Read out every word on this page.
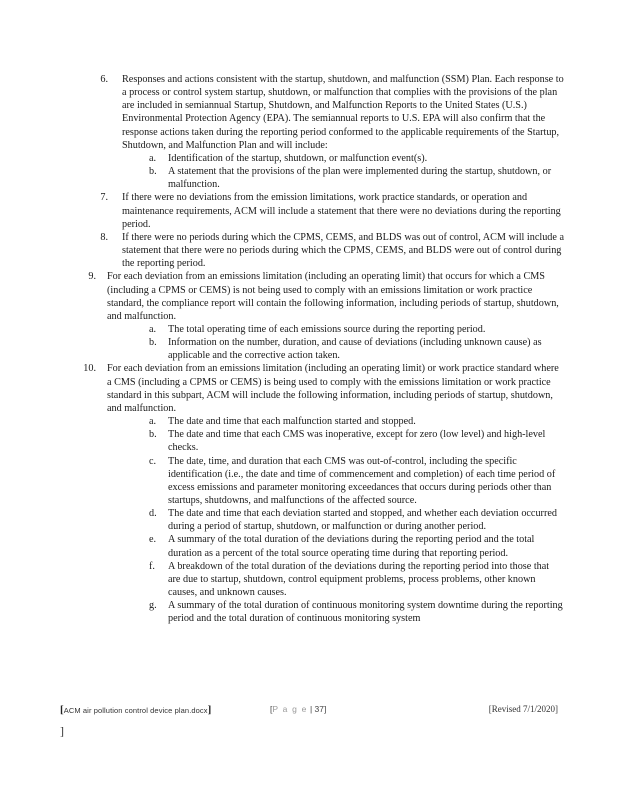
6. Responses and actions consistent with the startup, shutdown, and malfunction (SSM) Plan. Each response to a process or control system startup, shutdown, or malfunction that complies with the provisions of the plan are included in semiannual Startup, Shutdown, and Malfunction Reports to the United States (U.S.) Environmental Protection Agency (EPA). The semiannual reports to U.S. EPA will also confirm that the response actions taken during the reporting period conformed to the applicable requirements of the Startup, Shutdown, and Malfunction Plan and will include:
a.	Identification of the startup, shutdown, or malfunction event(s).
b.	A statement that the provisions of the plan were implemented during the startup, shutdown, or malfunction.
7. If there were no deviations from the emission limitations, work practice standards, or operation and maintenance requirements, ACM will include a statement that there were no deviations during the reporting period.
8. If there were no periods during which the CPMS, CEMS, and BLDS was out of control, ACM will include a statement that there were no periods during which the CPMS, CEMS, and BLDS were out of control during the reporting period.
9. For each deviation from an emissions limitation (including an operating limit) that occurs for which a CMS (including a CPMS or CEMS) is not being used to comply with an emissions limitation or work practice standard, the compliance report will contain the following information, including periods of startup, shutdown, and malfunction.
a.	The total operating time of each emissions source during the reporting period.
b.	Information on the number, duration, and cause of deviations (including unknown cause) as applicable and the corrective action taken.
10. For each deviation from an emissions limitation (including an operating limit) or work practice standard where a CMS (including a CPMS or CEMS) is being used to comply with the emissions limitation or work practice standard in this subpart, ACM will include the following information, including periods of startup, shutdown, and malfunction.
a.	The date and time that each malfunction started and stopped.
b.	The date and time that each CMS was inoperative, except for zero (low level) and high-level checks.
c.	The date, time, and duration that each CMS was out-of-control, including the specific identification (i.e., the date and time of commencement and completion) of each time period of excess emissions and parameter monitoring exceedances that occurs during periods other than startups, shutdowns, and malfunctions of the affected source.
d.	The date and time that each deviation started and stopped, and whether each deviation occurred during a period of startup, shutdown, or malfunction or during another period.
e.	A summary of the total duration of the deviations during the reporting period and the total duration as a percent of the total source operating time during that reporting period.
f.	A breakdown of the total duration of the deviations during the reporting period into those that are due to startup, shutdown, control equipment problems, process problems, other known causes, and unknown causes.
g.	A summary of the total duration of continuous monitoring system downtime during the reporting period and the total duration of continuous monitoring system
[ACM air pollution control device plan.docx]	[P a g e | 37]	[Revised 7/1/2020]
]
